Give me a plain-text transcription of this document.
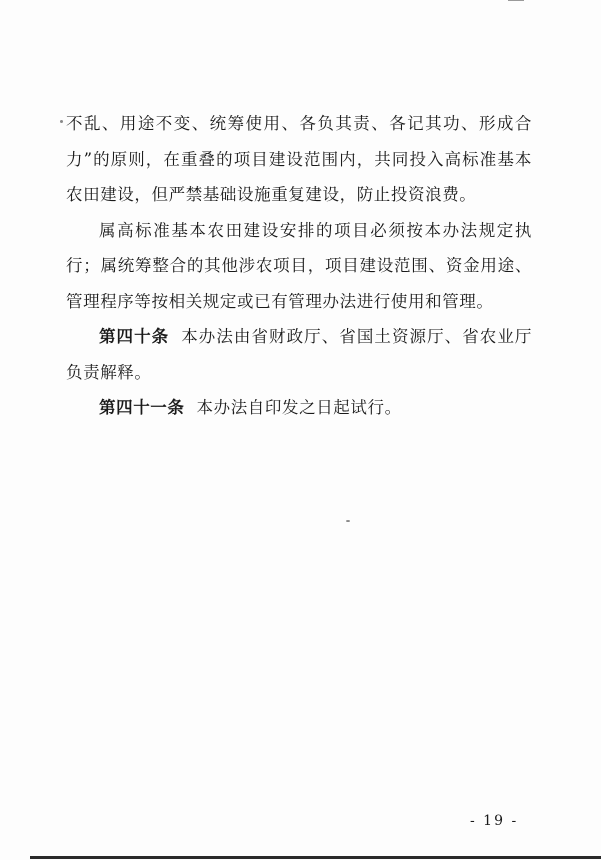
不乱、用途不变、统筹使用、各负其责、各记其功、形成合力”的原则，在重叠的项目建设范围内，共同投入高标准基本农田建设，但严禁基础设施重复建设，防止投资浪费。

属高标准基本农田建设安排的项目必须按本办法规定执行；属统筹整合的其他涉农项目，项目建设范围、资金用途、管理程序等按相关规定或已有管理办法进行使用和管理。

第四十条 本办法由省财政厅、省国土资源厅、省农业厅负责解释。

第四十一条 本办法自印发之日起试行。

- 19 -
